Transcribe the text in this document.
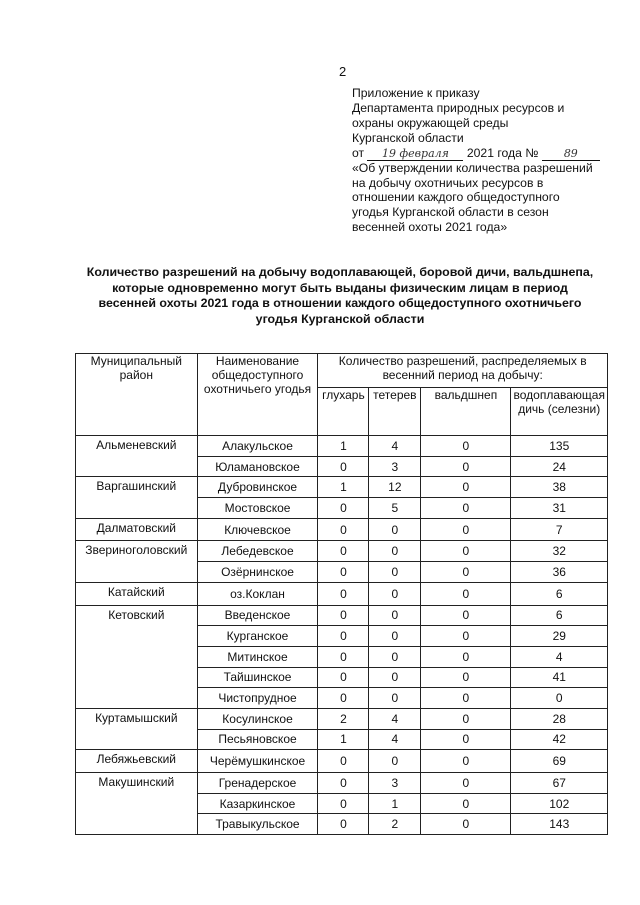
2
Приложение к приказу
Департамента природных ресурсов и
охраны окружающей среды
Курганской области
от 19 февраля 2021 года № 89
«Об утверждении количества разрешений
на добычу охотничьих ресурсов в
отношении каждого общедоступного
угодья Курганской области в сезон
весенней охоты 2021 года»
Количество разрешений на добычу водоплавающей, боровой дичи, вальдшнепа,
которые одновременно могут быть выданы физическим лицам в период
весенней охоты 2021 года в отношении каждого общедоступного охотничьего
угодья Курганской области
Муниципальный район	Наименование общедоступного охотничьего угодья	Количество разрешений, распределяемых в весенний период на добычу:			
		глухарь	тетерев	вальдшнеп	водоплавающая дичь (селезни)
Альменевский	Алакульское	1	4	0	135
	Юламановское	0	3	0	24
Варгашинский	Дубровинское	1	12	0	38
	Мостовское	0	5	0	31
Далматовский	Ключевское	0	0	0	7
Звериноголовский	Лебедевское	0	0	0	32
	Озёрнинское	0	0	0	36
Катайский	оз.Коклан	0	0	0	6
Кетовский	Введенское	0	0	0	6
	Курганское	0	0	0	29
	Митинское	0	0	0	4
	Тайшинское	0	0	0	41
	Чистопрудное	0	0	0	0
Куртамышский	Косулинское	2	4	0	28
	Песьяновское	1	4	0	42
Лебяжьевский	Черёмушкинское	0	0	0	69
Макушинский	Гренадерское	0	3	0	67
	Казаркинское	0	1	0	102
	Травыкульское	0	2	0	143
